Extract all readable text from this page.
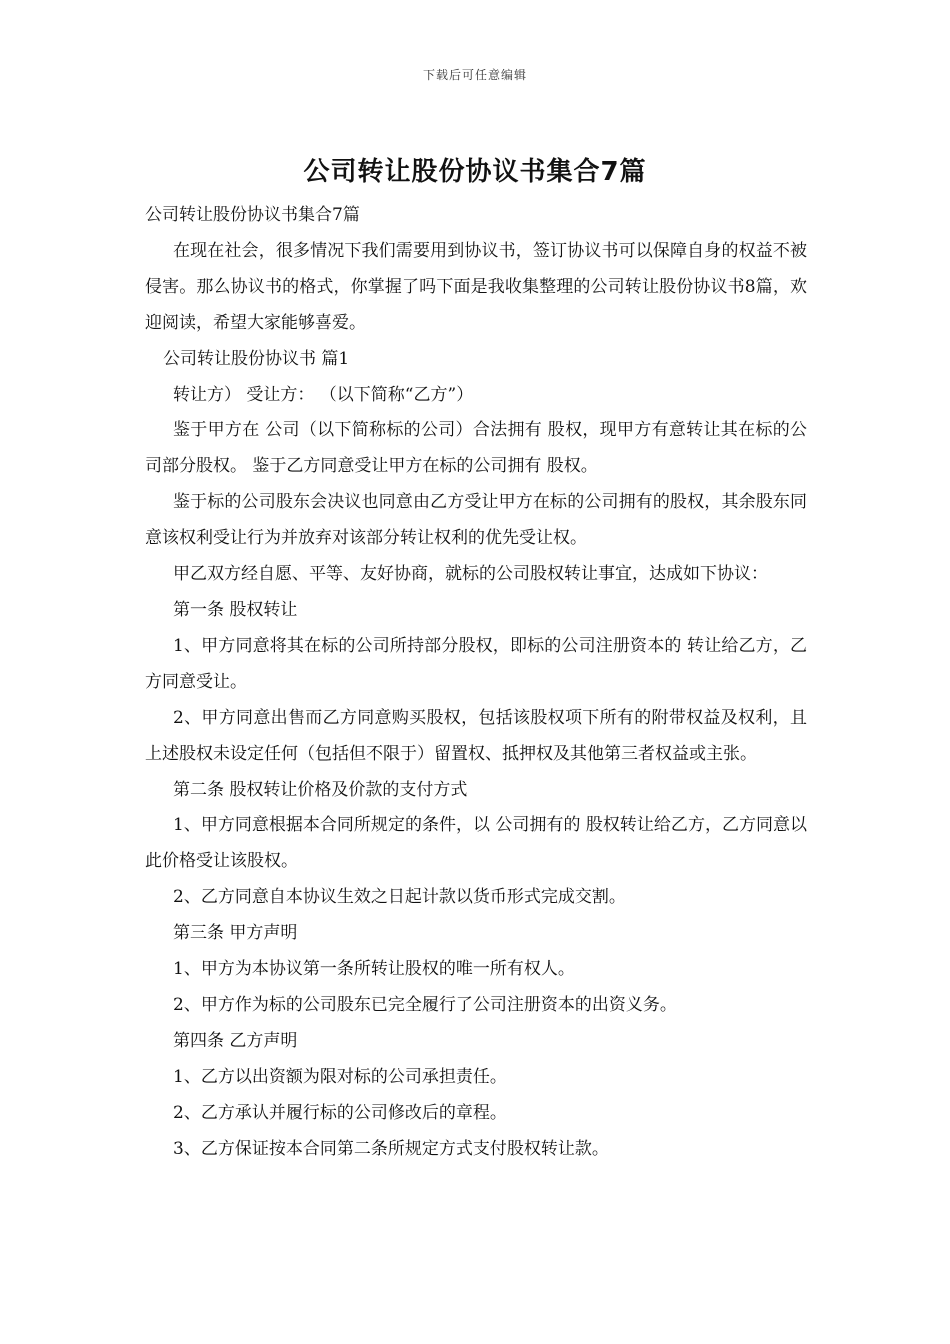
下载后可任意编辑
公司转让股份协议书集合7篇

公司转让股份协议书集合7篇

在现在社会，很多情况下我们需要用到协议书，签订协议书可以保障自身的权益不被侵害。那么协议书的格式，你掌握了吗下面是我收集整理的公司转让股份协议书8篇，欢迎阅读，希望大家能够喜爱。

公司转让股份协议书 篇1

转让方） 受让方： （以下简称“乙方”）

鉴于甲方在 公司（以下简称标的公司）合法拥有 股权，现甲方有意转让其在标的公司部分股权。 鉴于乙方同意受让甲方在标的公司拥有 股权。

鉴于标的公司股东会决议也同意由乙方受让甲方在标的公司拥有的股权，其余股东同意该权利受让行为并放弃对该部分转让权利的优先受让权。

甲乙双方经自愿、平等、友好协商，就标的公司股权转让事宜，达成如下协议：

第一条 股权转让

1、甲方同意将其在标的公司所持部分股权，即标的公司注册资本的 转让给乙方，乙方同意受让。

2、甲方同意出售而乙方同意购买股权，包括该股权项下所有的附带权益及权利，且上述股权未设定任何（包括但不限于）留置权、抵押权及其他第三者权益或主张。

第二条 股权转让价格及价款的支付方式

1、甲方同意根据本合同所规定的条件，以 公司拥有的 股权转让给乙方，乙方同意以此价格受让该股权。

2、乙方同意自本协议生效之日起计款以货币形式完成交割。

第三条 甲方声明

1、甲方为本协议第一条所转让股权的唯一所有权人。

2、甲方作为标的公司股东已完全履行了公司注册资本的出资义务。

第四条 乙方声明

1、乙方以出资额为限对标的公司承担责任。

2、乙方承认并履行标的公司修改后的章程。

3、乙方保证按本合同第二条所规定方式支付股权转让款。
